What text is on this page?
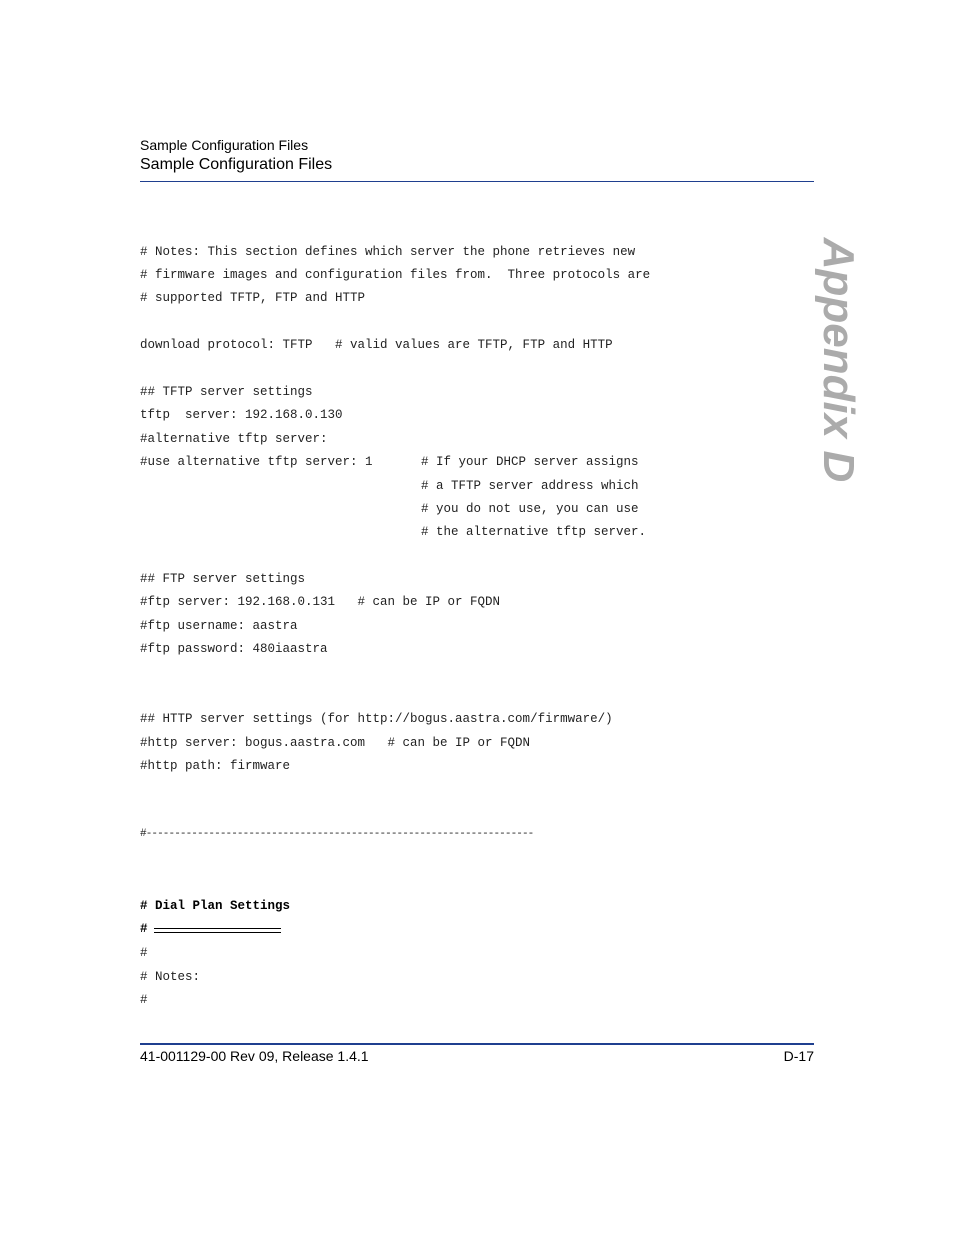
Sample Configuration Files
Sample Configuration Files
Appendix D
# Notes: This section defines which server the phone retrieves new
# firmware images and configuration files from.  Three protocols are
# supported TFTP, FTP and HTTP
download protocol: TFTP   # valid values are TFTP, FTP and HTTP
## TFTP server settings
tftp  server: 192.168.0.130
#alternative tftp server:
#use alternative tftp server: 1	# If your DHCP server assigns
# a TFTP server address which
# you do not use, you can use
# the alternative tftp server.
## FTP server settings
#ftp server: 192.168.0.131   # can be IP or FQDN
#ftp username: aastra
#ftp password: 480iaastra
## HTTP server settings (for http://bogus.aastra.com/firmware/)
#http server: bogus.aastra.com   # can be IP or FQDN
#http path: firmware
#--------------------------------------------------------------------
# Dial Plan Settings
#
#
# Notes:
#
41-001129-00 Rev 09, Release 1.4.1	D-17
